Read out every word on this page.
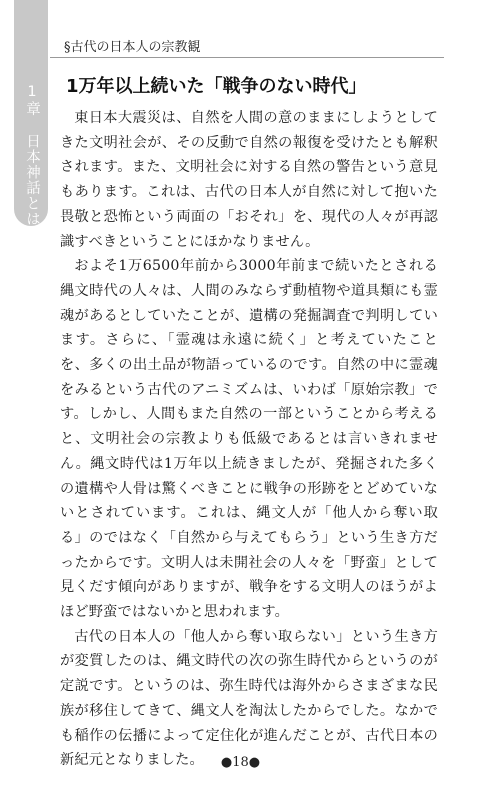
1章 日本神話とは？
§古代の日本人の宗教観
1万年以上続いた「戦争のない時代」

東日本大震災は、自然を人間の意のままにしようとしてきた文明社会が、その反動で自然の報復を受けたとも解釈されます。また、文明社会に対する自然の警告という意見もあります。これは、古代の日本人が自然に対して抱いた畏敬と恐怖という両面の「おそれ」を、現代の人々が再認識すべきということにほかなりません。

およそ1万6500年前から3000年前まで続いたとされる縄文時代の人々は、人間のみならず動植物や道具類にも霊魂があるとしていたことが、遺構の発掘調査で判明しています。さらに、「霊魂は永遠に続く」と考えていたことを、多くの出土品が物語っているのです。自然の中に霊魂をみるという古代のアニミズムは、いわば「原始宗教」です。しかし、人間もまた自然の一部ということから考えると、文明社会の宗教よりも低級であるとは言いきれません。縄文時代は1万年以上続きましたが、発掘された多くの遺構や人骨は驚くべきことに戦争の形跡をとどめていないとされています。これは、縄文人が「他人から奪い取る」のではなく「自然から与えてもらう」という生き方だったからです。文明人は未開社会の人々を「野蛮」として見くだす傾向がありますが、戦争をする文明人のほうがよほど野蛮ではないかと思われます。

古代の日本人の「他人から奪い取らない」という生き方が変質したのは、縄文時代の次の弥生時代からというのが定説です。というのは、弥生時代は海外からさまざまな民族が移住してきて、縄文人を淘汰したからでした。なかでも稲作の伝播によって定住化が進んだことが、古代日本の新紀元となりました。	●18●
